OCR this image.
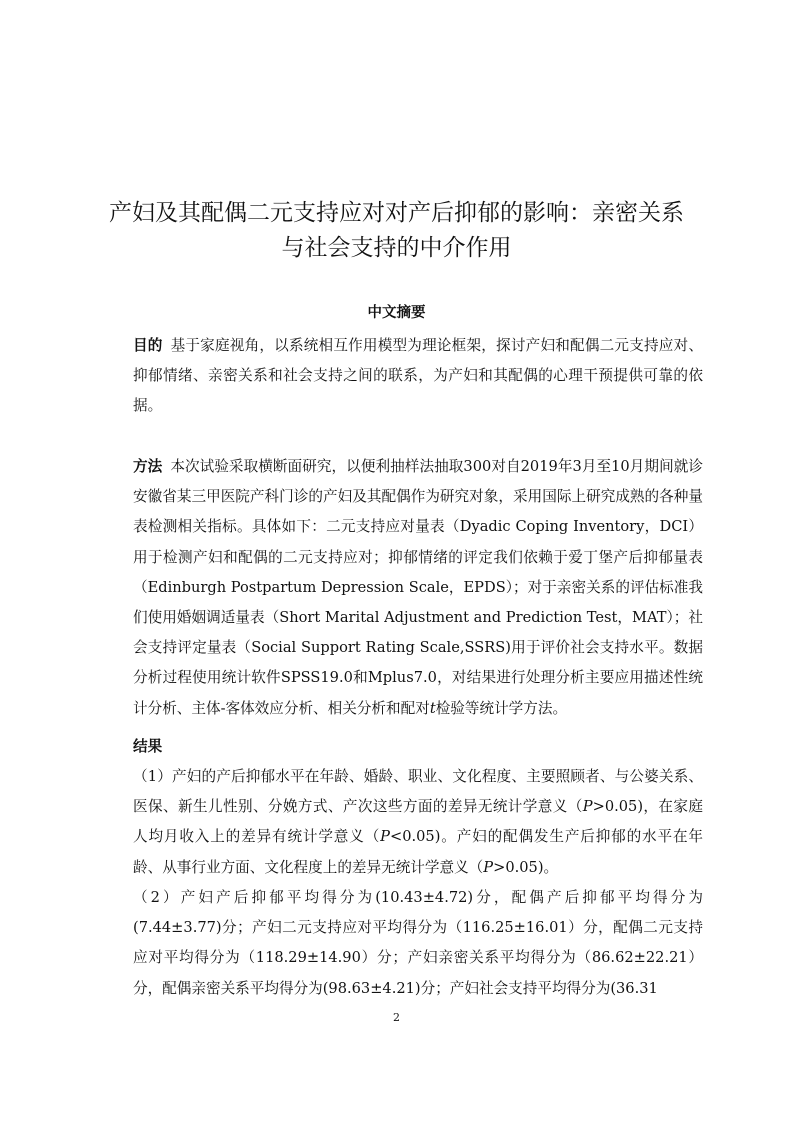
产妇及其配偶二元支持应对对产后抑郁的影响：亲密关系与社会支持的中介作用
中文摘要

目的 基于家庭视角，以系统相互作用模型为理论框架，探讨产妇和配偶二元支持应对、抑郁情绪、亲密关系和社会支持之间的联系，为产妇和其配偶的心理干预提供可靠的依据。

方法 本次试验采取横断面研究，以便利抽样法抽取300对自2019年3月至10月期间就诊安徽省某三甲医院产科门诊的产妇及其配偶作为研究对象，采用国际上研究成熟的各种量表检测相关指标。具体如下：二元支持应对量表（Dyadic Coping Inventory，DCI）用于检测产妇和配偶的二元支持应对；抑郁情绪的评定我们依赖于爱丁堡产后抑郁量表（Edinburgh Postpartum Depression Scale，EPDS）；对于亲密关系的评估标准我们使用婚姻调适量表（Short Marital Adjustment and Prediction Test，MAT）；社会支持评定量表（Social Support Rating Scale,SSRS)用于评价社会支持水平。数据分析过程使用统计软件SPSS19.0和Mplus7.0，对结果进行处理分析主要应用描述性统计分析、主体-客体效应分析、相关分析和配对t检验等统计学方法。

结果

（1）产妇的产后抑郁水平在年龄、婚龄、职业、文化程度、主要照顾者、与公婆关系、医保、新生儿性别、分娩方式、产次这些方面的差异无统计学意义（P>0.05)，在家庭人均月收入上的差异有统计学意义（P<0.05)。产妇的配偶发生产后抑郁的水平在年龄、从事行业方面、文化程度上的差异无统计学意义（P>0.05)。

（2）产妇产后抑郁平均得分为(10.43±4.72)分，配偶产后抑郁平均得分为(7.44±3.77)分；产妇二元支持应对平均得分为（116.25±16.01）分，配偶二元支持应对平均得分为（118.29±14.90）分；产妇亲密关系平均得分为（86.62±22.21）分，配偶亲密关系平均得分为(98.63±4.21)分；产妇社会支持平均得分为(36.31

2
